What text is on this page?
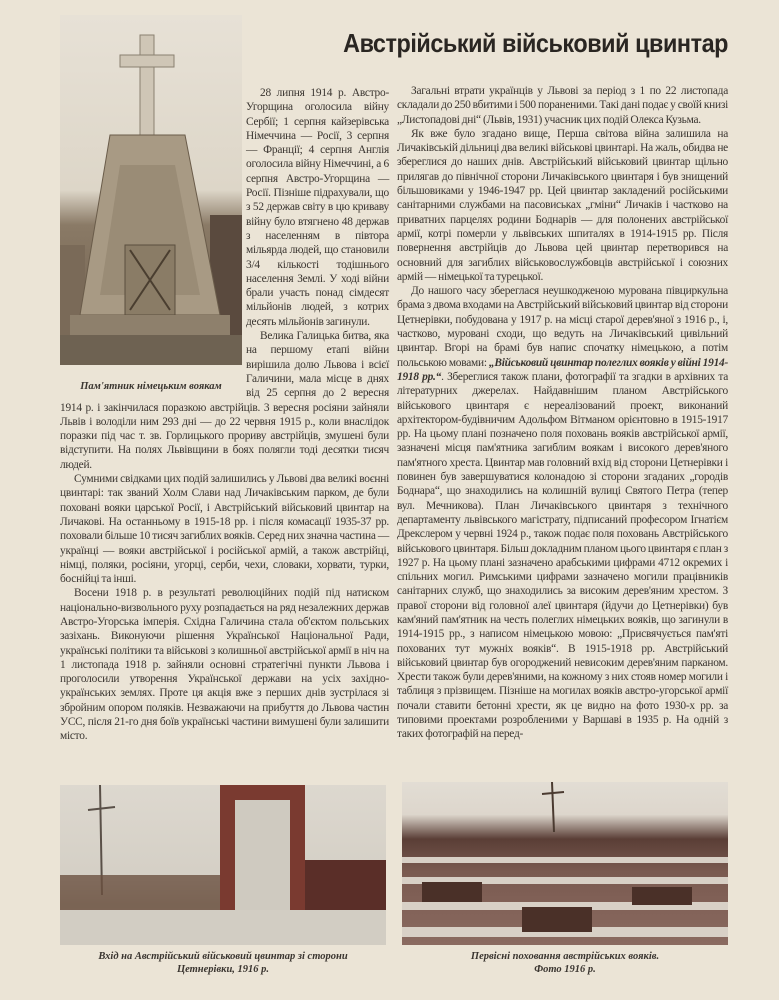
Австрійський військовий цвинтар
Пам'ятник німецьким воякам

28 липня 1914 р. Австро-Угорщина оголосила війну Сербії; 1 серпня кайзерівська Німеччина — Росії, 3 серпня — Франції; 4 серпня Англія оголосила війну Німеччині, а 6 серпня Австро-Угорщина — Росії. Пізніше підрахували, що з 52 держав світу в цю криваву війну було втягнено 48 держав з населенням в півтора мільярда людей, що становили 3/4 кількості тодішнього населення Землі. У ході війни брали участь понад сімдесят мільйонів людей, з котрих десять мільйонів загинули.

Велика Галицька битва, яка на першому етапі війни вирішила долю Львова і всієї Галичини, мала місце в днях від 25 серпня до 2 вересня 1914 р. і закінчилася поразкою австрійців. 3 вересня росіяни зайняли Львів і володіли ним 293 дні — до 22 червня 1915 р., коли внаслідок поразки під час т. зв. Горлицького прориву австрійців, змушені були відступити. На полях Львівщини в боях полягли тоді десятки тисяч людей.

Сумними свідками цих подій залишились у Львові два великі воєнні цвинтарі: так званий Холм Слави над Личаківським парком, де були поховані вояки царської Росії, і Австрійський військовий цвинтар на Личакові. На останньому в 1915-18 рр. і після комасації 1935-37 рр. поховали більше 10 тисяч загиблих вояків. Серед них значна частина — українці — вояки австрійської і російської армій, а також австрійці, німці, поляки, росіяни, угорці, серби, чехи, словаки, хорвати, турки, боснійці та інші.

Восени 1918 р. в результаті революційних подій під натиском національно-визвольного руху розпадається на ряд незалежних держав Австро-Угорська імперія. Східна Галичина стала об'єктом польських зазіхань. Виконуючи рішення Української Національної Ради, українські політики та військові з колишньої австрійської армії в ніч на 1 листопада 1918 р. зайняли основні стратегічні пункти Львова і проголосили утворення Української держави на усіх західно-українських землях. Проте ця акція вже з перших днів зустрілася зі збройним опором поляків. Незважаючи на прибуття до Львова частин УСС, після 21-го дня боїв українські частини вимушені були залишити місто.

Загальні втрати українців у Львові за період з 1 по 22 листопада складали до 250 вбитими і 500 пораненими. Такі дані подає у своїй книзі „Листопадові дні“ (Львів, 1931) учасник цих подій Олекса Кузьма.

Як вже було згадано вище, Перша світова війна залишила на Личаківській дільниці два великі військові цвинтарі. На жаль, обидва не збереглися до наших днів. Австрійський військовий цвинтар щільно прилягав до північної сторони Личаківського цвинтаря і був знищений більшовиками у 1946-1947 рр. Цей цвинтар закладений російськими санітарними службами на пасовиськах „гміни“ Личаків і частково на приватних парцелях родини Боднарів — для полонених австрійської армії, котрі померли у львівських шпиталях в 1914-1915 рр. Після повернення австрійців до Львова цей цвинтар перетворився на основний для загиблих військовослужбовців австрійської і союзних армій — німецької та турецької.

До нашого часу збереглася неушкодженою мурована півциркульна брама з двома входами на Австрійський військовий цвинтар від сторони Цетнерівки, побудована у 1917 р. на місці старої дерев'яної з 1916 р., і, частково, муровані сходи, що ведуть на Личаківський цивільний цвинтар. Вгорі на брамі був напис спочатку німецькою, а потім польською мовами: „Військовий цвинтар полеглих вояків у війні 1914-1918 рр.“. Збереглися також плани, фотографії та згадки в архівних та літературних джерелах. Найдавнішим планом Австрійського військового цвинтаря є нереалізований проект, виконаний архітектором-будівничим Адольфом Вітманом орієнтовно в 1915-1917 рр. На цьому плані позначено поля поховань вояків австрійської армії, зазначені місця пам'ятника загиблим воякам і високого дерев'яного пам'ятного хреста. Цвинтар мав головний вхід від сторони Цетнерівки і повинен був завершуватися колонадою зі сторони згаданих „городів Боднара“, що знаходились на колишній вулиці Святого Петра (тепер вул. Мечникова). План Личаківського цвинтаря з технічного департаменту львівського магістрату, підписаний професором Ігнатієм Дрекслером у червні 1924 р., також подає поля поховань Австрійського військового цвинтаря. Більш докладним планом цього цвинтаря є план з 1927 р. На цьому плані зазначено арабськими цифрами 4712 окремих і спільних могил. Римськими цифрами зазначено могили працівників санітарних служб, що знаходились за високим дерев'яним хрестом. З правої сторони від головної алеї цвинтаря (йдучи до Цетнерівки) був кам'яний пам'ятник на честь полеглих німецьких вояків, що загинули в 1914-1915 рр., з написом німецькою мовою: „Присвячується пам'яті похованих тут мужніх вояків“. В 1915-1918 рр. Австрійський військовий цвинтар був огороджений невисоким дерев'яним парканом. Хрести також були дерев'яними, на кожному з них стояв номер могили і таблиця з прізвищем. Пізніше на могилах вояків австро-угорської армії почали ставити бетонні хрести, як це видно на фото 1930-х рр. за типовими проектами розробленими у Варшаві в 1935 р. На одній з таких фотографій на перед-

Вхід на Австрійський військовий цвинтар зі сторони
Цетнерівки, 1916 р.
Первісні поховання австрійських вояків.
Фото 1916 р.
